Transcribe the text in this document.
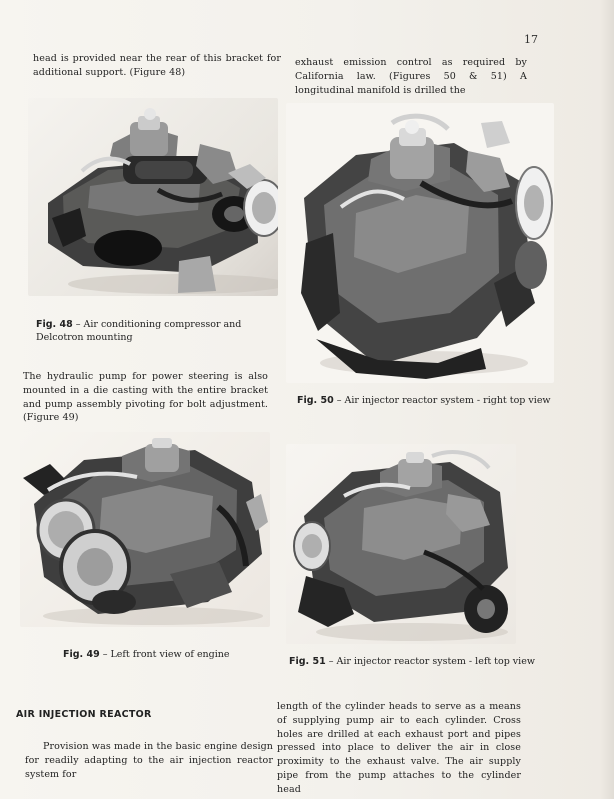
17

head is provided near the rear of this bracket for additional support. (Figure 48)

exhaust emission control as required by California law. (Figures 50 & 51) A longitudinal manifold is drilled the

Fig. 48 – Air conditioning compressor and Delcotron mounting

The hydraulic pump for power steering is also mounted in a die casting with the entire bracket and pump assembly pivoting for bolt adjustment. (Figure 49)

Fig. 50 – Air injector reactor system - right top view
Fig. 49 – Left front view of engine
Fig. 51 – Air injector reactor system - left top view
AIR INJECTION REACTOR

Provision was made in the basic engine design for readily adapting to the air injection reactor system for

length of the cylinder heads to serve as a means of supplying pump air to each cylinder. Cross holes are drilled at each exhaust port and pipes pressed into place to deliver the air in close proximity to the exhaust valve. The air supply pipe from the pump attaches to the cylinder head
